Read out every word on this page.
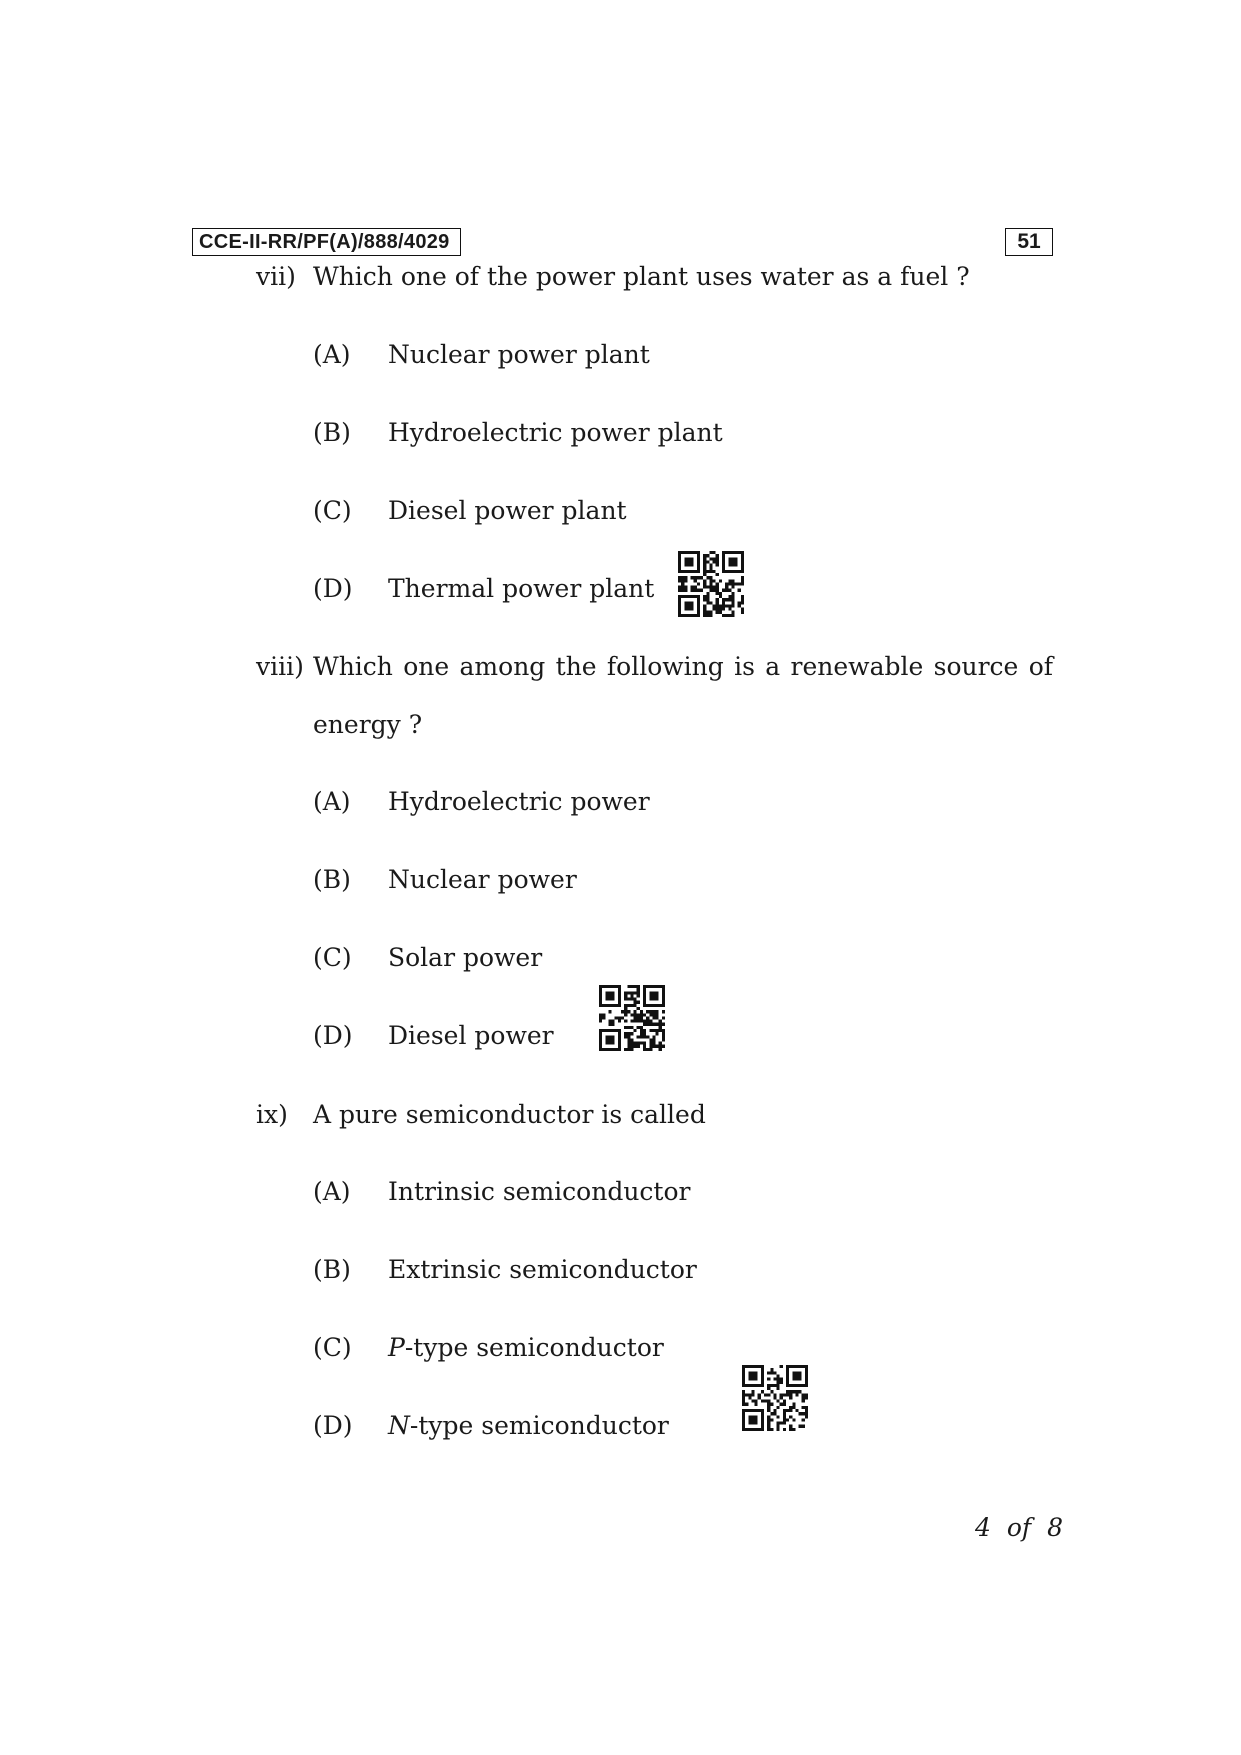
CCE-II-RR/PF(A)/888/4029	51
vii) Which one of the power plant uses water as a fuel ?
(A) Nuclear power plant
(B) Hydroelectric power plant
(C) Diesel power plant
(D) Thermal power plant
viii) Which one among the following is a renewable source of
energy ?
(A) Hydroelectric power
(B) Nuclear power
(C) Solar power
(D) Diesel power
ix) A pure semiconductor is called
(A) Intrinsic semiconductor
(B) Extrinsic semiconductor
(C) P-type semiconductor
(D) N-type semiconductor
4 of 8
